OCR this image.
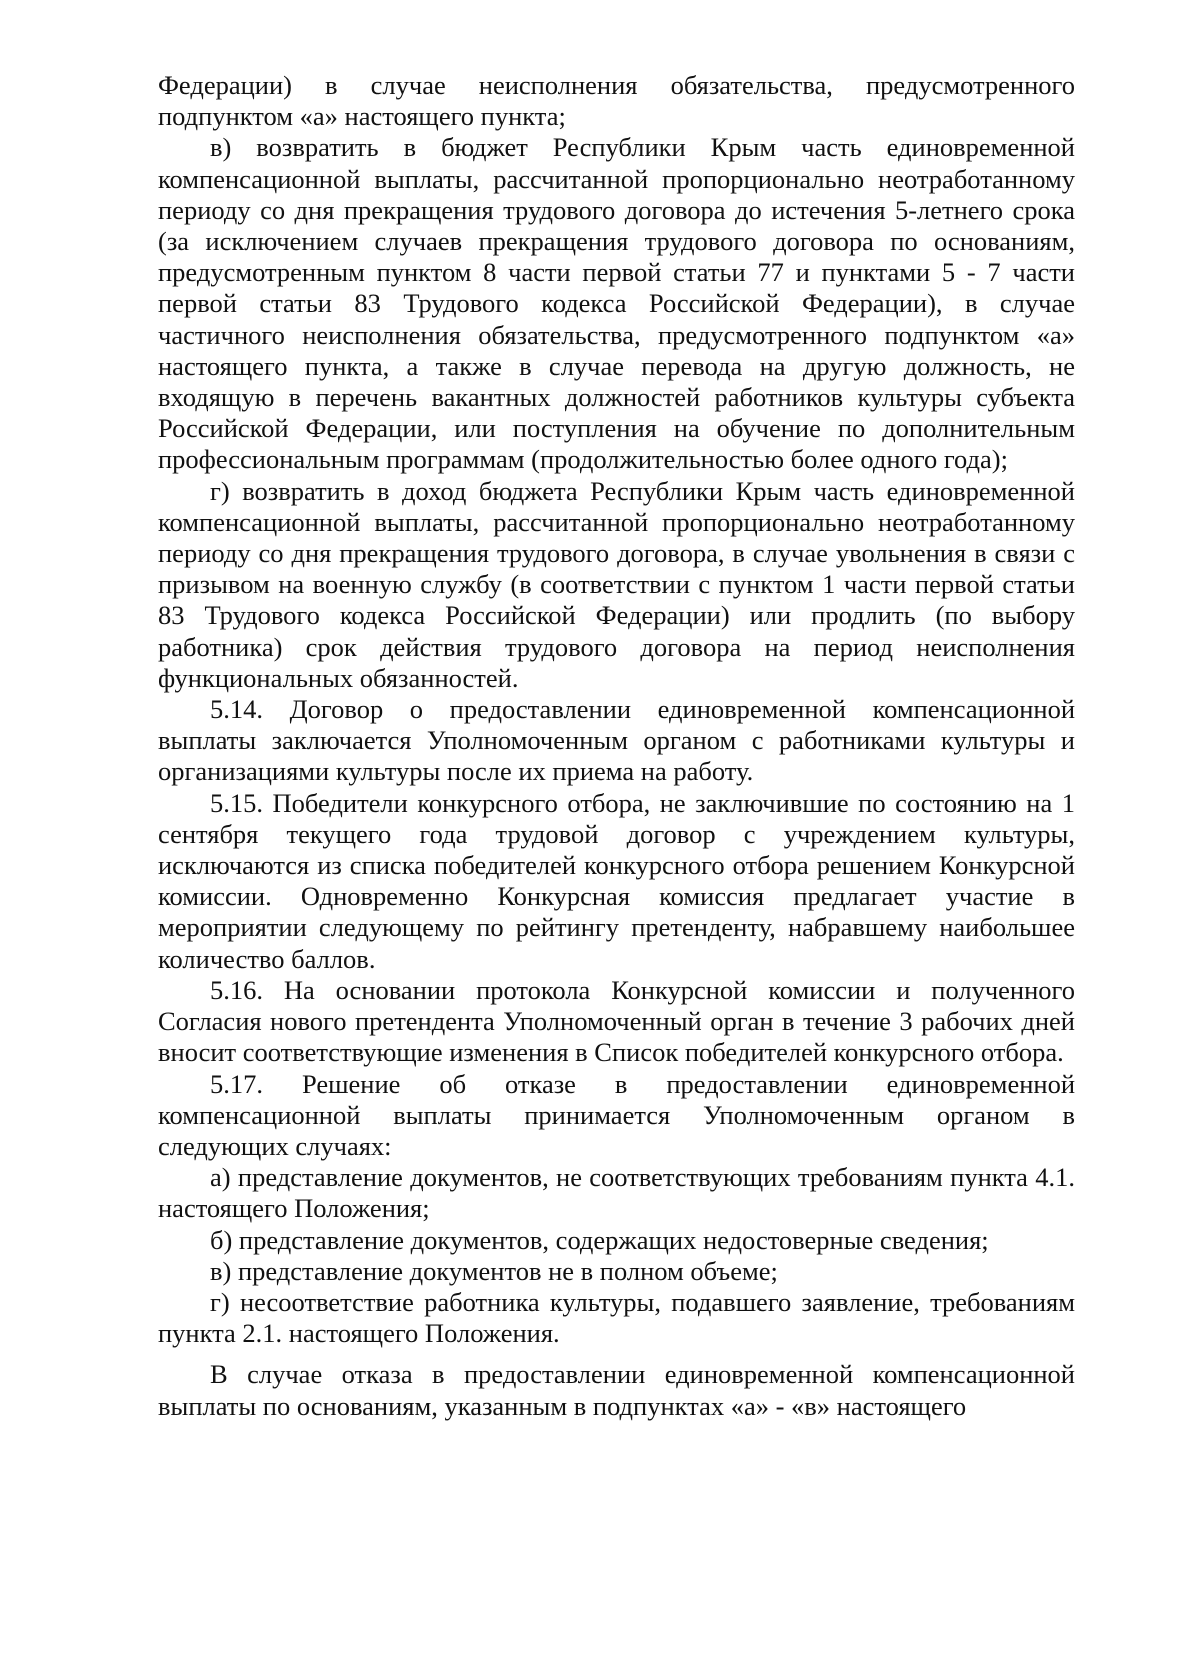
Федерации) в случае неисполнения обязательства, предусмотренного подпунктом «а» настоящего пункта;

в) возвратить в бюджет Республики Крым часть единовременной компенсационной выплаты, рассчитанной пропорционально неотработанному периоду со дня прекращения трудового договора до истечения 5-летнего срока (за исключением случаев прекращения трудового договора по основаниям, предусмотренным пунктом 8 части первой статьи 77 и пунктами 5 - 7 части первой статьи 83 Трудового кодекса Российской Федерации), в случае частичного неисполнения обязательства, предусмотренного подпунктом «а» настоящего пункта, а также в случае перевода на другую должность, не входящую в перечень вакантных должностей работников культуры субъекта Российской Федерации, или поступления на обучение по дополнительным профессиональным программам (продолжительностью более одного года);

г) возвратить в доход бюджета Республики Крым часть единовременной компенсационной выплаты, рассчитанной пропорционально неотработанному периоду со дня прекращения трудового договора, в случае увольнения в связи с призывом на военную службу (в соответствии с пунктом 1 части первой статьи 83 Трудового кодекса Российской Федерации) или продлить (по выбору работника) срок действия трудового договора на период неисполнения функциональных обязанностей.

5.14. Договор о предоставлении единовременной компенсационной выплаты заключается Уполномоченным органом с работниками культуры и организациями культуры после их приема на работу.

5.15. Победители конкурсного отбора, не заключившие по состоянию на 1 сентября текущего года трудовой договор с учреждением культуры, исключаются из списка победителей конкурсного отбора решением Конкурсной комиссии. Одновременно Конкурсная комиссия предлагает участие в мероприятии следующему по рейтингу претенденту, набравшему наибольшее количество баллов.

5.16. На основании протокола Конкурсной комиссии и полученного Согласия нового претендента Уполномоченный орган в течение 3 рабочих дней вносит соответствующие изменения в Список победителей конкурсного отбора.

5.17. Решение об отказе в предоставлении единовременной компенсационной выплаты принимается Уполномоченным органом в следующих случаях:

а) представление документов, не соответствующих требованиям пункта 4.1. настоящего Положения;

б) представление документов, содержащих недостоверные сведения;

в) представление документов не в полном объеме;

г) несоответствие работника культуры, подавшего заявление, требованиям пункта 2.1. настоящего Положения.

В случае отказа в предоставлении единовременной компенсационной выплаты по основаниям, указанным в подпунктах «а» - «в» настоящего
